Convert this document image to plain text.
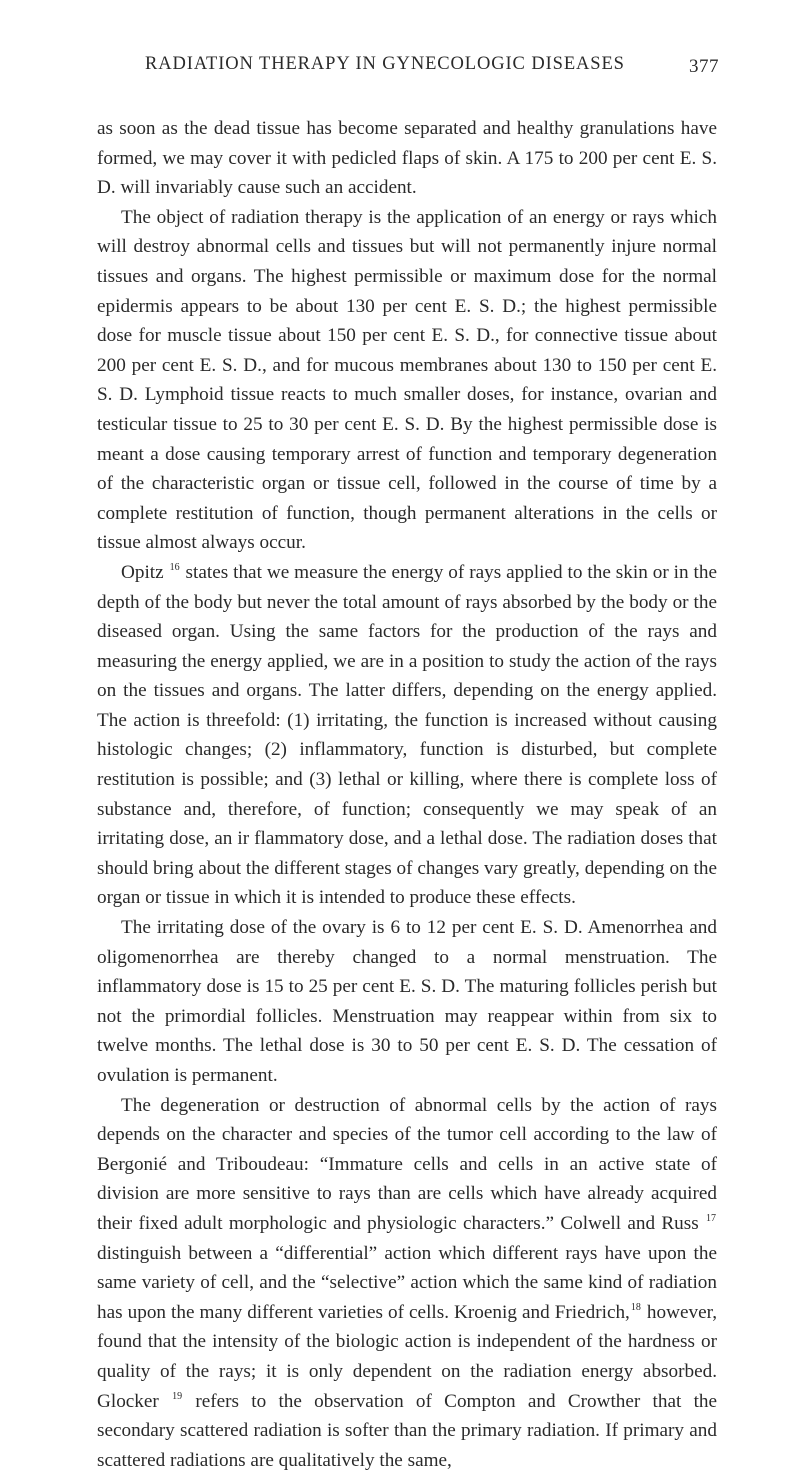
RADIATION THERAPY IN GYNECOLOGIC DISEASES	377

as soon as the dead tissue has become separated and healthy granulations have formed, we may cover it with pedicled flaps of skin. A 175 to 200 per cent E. S. D. will invariably cause such an accident.

The object of radiation therapy is the application of an energy or rays which will destroy abnormal cells and tissues but will not permanently injure normal tissues and organs. The highest permissible or maximum dose for the normal epidermis appears to be about 130 per cent E. S. D.; the highest permissible dose for muscle tissue about 150 per cent E. S. D., for connective tissue about 200 per cent E. S. D., and for mucous membranes about 130 to 150 per cent E. S. D. Lymphoid tissue reacts to much smaller doses, for instance, ovarian and testicular tissue to 25 to 30 per cent E. S. D. By the highest permissible dose is meant a dose causing temporary arrest of function and temporary degeneration of the characteristic organ or tissue cell, followed in the course of time by a complete restitution of function, though permanent alterations in the cells or tissue almost always occur.

Opitz $^{16}$ states that we measure the energy of rays applied to the skin or in the depth of the body but never the total amount of rays absorbed by the body or the diseased organ. Using the same factors for the production of the rays and measuring the energy applied, we are in a position to study the action of the rays on the tissues and organs. The latter differs, depending on the energy applied. The action is threefold: (1) irritating, the function is increased without causing histologic changes; (2) inflammatory, function is disturbed, but complete restitution is possible; and (3) lethal or killing, where there is complete loss of substance and, therefore, of function; consequently we may speak of an irritating dose, an ir flammatory dose, and a lethal dose. The radiation doses that should bring about the different stages of changes vary greatly, depending on the organ or tissue in which it is intended to produce these effects.

The irritating dose of the ovary is 6 to 12 per cent E. S. D. Amenorrhea and oligomenorrhea are thereby changed to a normal menstruation. The inflammatory dose is 15 to 25 per cent E. S. D. The maturing follicles perish but not the primordial follicles. Menstruation may reappear within from six to twelve months. The lethal dose is 30 to 50 per cent E. S. D. The cessation of ovulation is permanent.

The degeneration or destruction of abnormal cells by the action of rays depends on the character and species of the tumor cell according to the law of Bergonié and Triboudeau: “Immature cells and cells in an active state of division are more sensitive to rays than are cells which have already acquired their fixed adult morphologic and physiologic characters.” Colwell and Russ $^{17}$ distinguish between a “differential” action which different rays have upon the same variety of cell, and the “selective” action which the same kind of radiation has upon the many different varieties of cells. Kroenig and Friedrich,$^{18}$ however, found that the intensity of the biologic action is independent of the hardness or quality of the rays; it is only dependent on the radiation energy absorbed. Glocker $^{19}$ refers to the observation of Compton and Crowther that the secondary scattered radiation is softer than the primary radiation. If primary and scattered radiations are qualitatively the same,
